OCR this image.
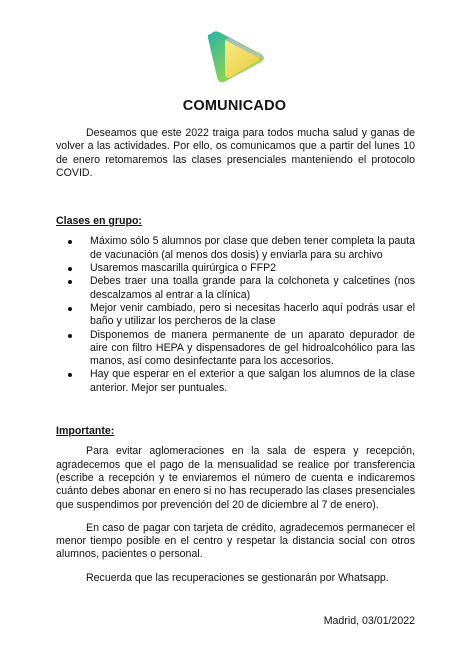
COMUNICADO

Deseamos que este 2022 traiga para todos mucha salud y ganas de volver a las actividades. Por ello, os comunicamos que a partir del lunes 10 de enero retomaremos las clases presenciales manteniendo el protocolo COVID.

Clases en grupo:
Máximo sólo 5 alumnos por clase que deben tener completa la pauta de vacunación (al menos dos dosis) y enviarla para su archivo
Usaremos mascarilla quirúrgica o FFP2
Debes traer una toalla grande para la colchoneta y calcetines (nos descalzamos al entrar a la clínica)
Mejor venir cambiado, pero si necesitas hacerlo aquí podrás usar el baño y utilizar los percheros de la clase
Disponemos de manera permanente de un aparato depurador de aire con filtro HEPA y dispensadores de gel hidroalcohólico para las manos, así como desinfectante para los accesorios.
Hay que esperar en el exterior a que salgan los alumnos de la clase anterior. Mejor ser puntuales.
Importante:

Para evitar aglomeraciones en la sala de espera y recepción, agradecemos que el pago de la mensualidad se realice por transferencia (escribe a recepción y te enviaremos el número de cuenta e indicaremos cuánto debes abonar en enero si no has recuperado las clases presenciales que suspendimos por prevención del 20 de diciembre al 7 de enero).

En caso de pagar con tarjeta de crédito, agradecemos permanecer el menor tiempo posible en el centro y respetar la distancia social con otros alumnos, pacientes o personal.

Recuerda que las recuperaciones se gestionarán por Whatsapp.

Madrid, 03/01/2022
